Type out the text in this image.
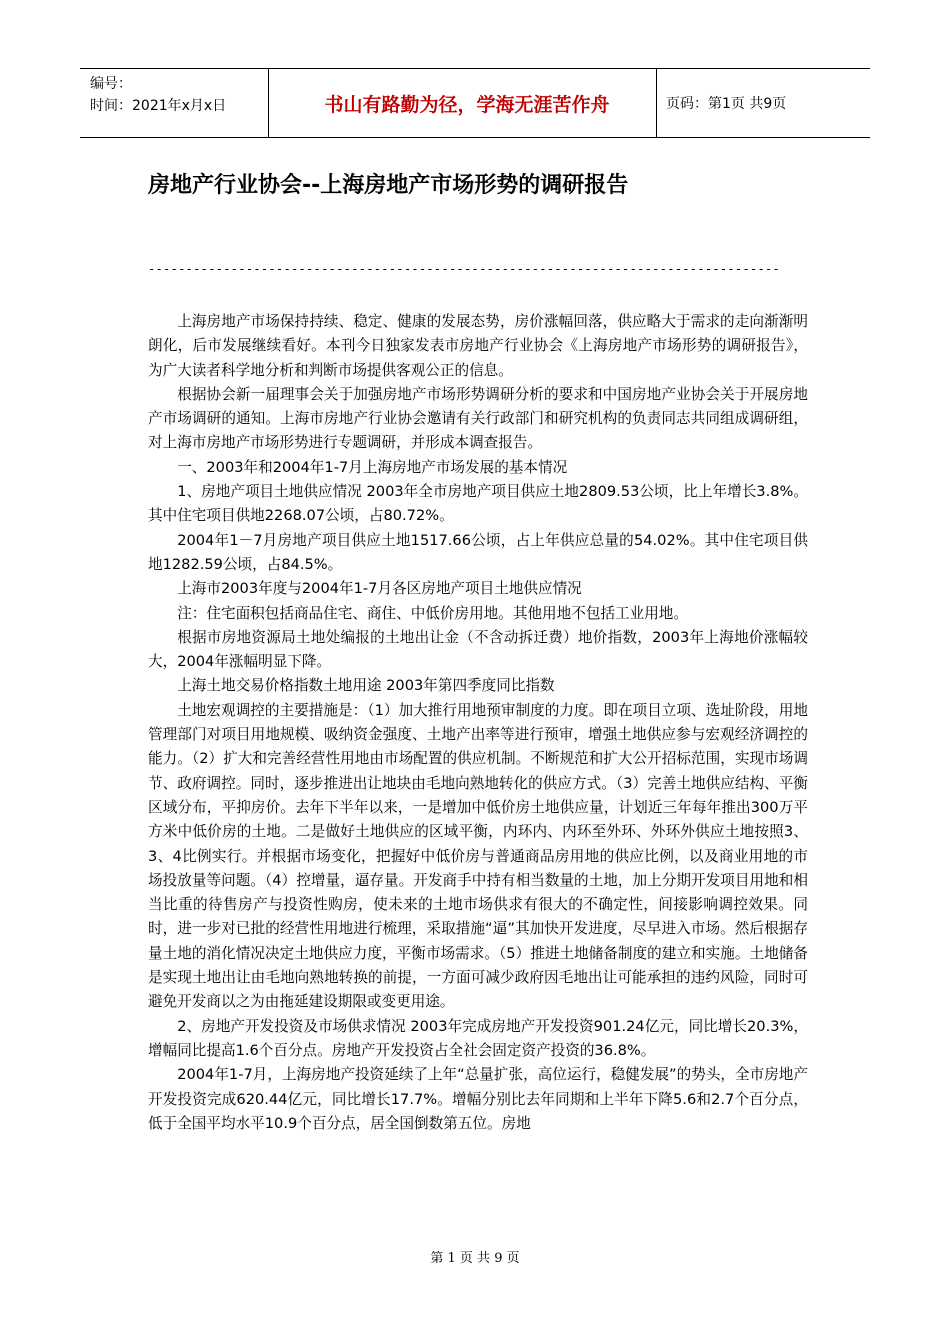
编号：
时间：2021年x月x日	书山有路勤为径，学海无涯苦作舟	页码：第1页 共9页
房地产行业协会--上海房地产市场形势的调研报告
------------------------------------------------------------------------------------

上海房地产市场保持持续、稳定、健康的发展态势，房价涨幅回落，供应略大于需求的走向渐渐明朗化，后市发展继续看好。本刊今日独家发表市房地产行业协会《上海房地产市场形势的调研报告》，为广大读者科学地分析和判断市场提供客观公正的信息。

根据协会新一届理事会关于加强房地产市场形势调研分析的要求和中国房地产业协会关于开展房地产市场调研的通知。上海市房地产行业协会邀请有关行政部门和研究机构的负责同志共同组成调研组，对上海市房地产市场形势进行专题调研，并形成本调查报告。

一、2003年和2004年1-7月上海房地产市场发展的基本情况

1、房地产项目土地供应情况 2003年全市房地产项目供应土地2809.53公顷，比上年增长3.8%。其中住宅项目供地2268.07公顷，占80.72%。

2004年1－7月房地产项目供应土地1517.66公顷，占上年供应总量的54.02%。其中住宅项目供地1282.59公顷，占84.5%。

上海市2003年度与2004年1-7月各区房地产项目土地供应情况

注：住宅面积包括商品住宅、商住、中低价房用地。其他用地不包括工业用地。

根据市房地资源局土地处编报的土地出让金（不含动拆迁费）地价指数，2003年上海地价涨幅较大，2004年涨幅明显下降。

上海土地交易价格指数土地用途 2003年第四季度同比指数

土地宏观调控的主要措施是：（1）加大推行用地预审制度的力度。即在项目立项、选址阶段，用地管理部门对项目用地规模、吸纳资金强度、土地产出率等进行预审，增强土地供应参与宏观经济调控的能力。（2）扩大和完善经营性用地由市场配置的供应机制。不断规范和扩大公开招标范围，实现市场调节、政府调控。同时，逐步推进出让地块由毛地向熟地转化的供应方式。（3）完善土地供应结构、平衡区域分布，平抑房价。去年下半年以来，一是增加中低价房土地供应量，计划近三年每年推出300万平方米中低价房的土地。二是做好土地供应的区域平衡，内环内、内环至外环、外环外供应土地按照3、3、4比例实行。并根据市场变化，把握好中低价房与普通商品房用地的供应比例，以及商业用地的市场投放量等问题。（4）控增量，逼存量。开发商手中持有相当数量的土地，加上分期开发项目用地和相当比重的待售房产与投资性购房，使未来的土地市场供求有很大的不确定性，间接影响调控效果。同时，进一步对已批的经营性用地进行梳理，采取措施“逼”其加快开发进度，尽早进入市场。然后根据存量土地的消化情况决定土地供应力度，平衡市场需求。（5）推进土地储备制度的建立和实施。土地储备是实现土地出让由毛地向熟地转换的前提，一方面可减少政府因毛地出让可能承担的违约风险，同时可避免开发商以之为由拖延建设期限或变更用途。

2、房地产开发投资及市场供求情况 2003年完成房地产开发投资901.24亿元，同比增长20.3%，增幅同比提高1.6个百分点。房地产开发投资占全社会固定资产投资的36.8%。

2004年1-7月，上海房地产投资延续了上年“总量扩张，高位运行，稳健发展”的势头，全市房地产开发投资完成620.44亿元，同比增长17.7%。增幅分别比去年同期和上半年下降5.6和2.7个百分点，低于全国平均水平10.9个百分点，居全国倒数第五位。房地

第 1 页 共 9 页
